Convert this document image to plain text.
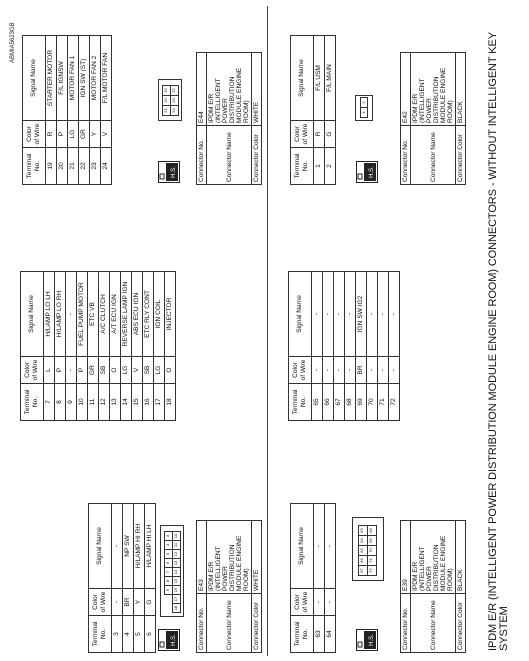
IPDM E/R (INTELLIGENT POWER DISTRIBUTION MODULE ENGINE ROOM) CONNECTORS - WITHOUT INTELLIGENT KEY SYSTEM
ABMIA5623GB
Connector No.	E39
Connector Name	IPDM E/R (INTELLIGENT POWER DISTRIBUTION MODULE ENGINE ROOM)
Connector Color	BLACK
H.S.
67
66
65
64
63
72
71
70
69
68
Terminal No.	Color of Wire	Signal Name
63	-	-
64	-	-
Terminal No.	Color of Wire	Signal Name
65	-	-
66	-	-
67	-	-
68	-	-
69	BR	IGN SW IG2
70	-	-
71	-	-
72	-	-
Connector No.	E42
Connector Name	IPDM E/R (INTELLIGENT POWER DISTRIBUTION MODULE ENGINE ROOM)
Connector Color	BLACK
H.S.
1
2
Terminal No.	Color of Wire	Signal Name
1	R	F/L USM
2	G	F/L MAIN
Connector No.	E43
Connector Name	IPDM E/R (INTELLIGENT POWER DISTRIBUTION MODULE ENGINE ROOM)
Connector Color	WHITE
H.S.
9
8
7
6
5
4
3
18
17
16
15
14
13
12
11
10
Terminal No.	Color of Wire	Signal Name
3	-	-
4	BR	NP SW
5	Y	H/LAMP HI RH
6	G	H/LAMP HI LH
Terminal No.	Color of Wire	Signal Name
7	L	H/LAMP LO LH
8	P	H/LAMP LO RH
9	-	-
10	P	FUEL PUMP MOTOR
11	GR	ETC VB
12	SB	A/C CLUTCH
13	O	A/T ECU IGN
14	LG	REVERSE LAMP IGN
15	V	ABS ECU IGN
16	SB	ETC RLY CONT
17	LG	IGN COIL
18	O	INJECTOR
Connector No.	E44
Connector Name	IPDM E/R (INTELLIGENT POWER DISTRIBUTION MODULE ENGINE ROOM)
Connector Color	WHITE
H.S.
21
20
19
24
23
22
Terminal No.	Color of Wire	Signal Name
19	R	STARTER MOTOR
20	P	F/L IGNSW
21	LG	MOTOR FAN 1
22	GR	IGN SW (ST)
23	Y	MOTOR FAN 2
24	V	F/L MOTOR FAN
